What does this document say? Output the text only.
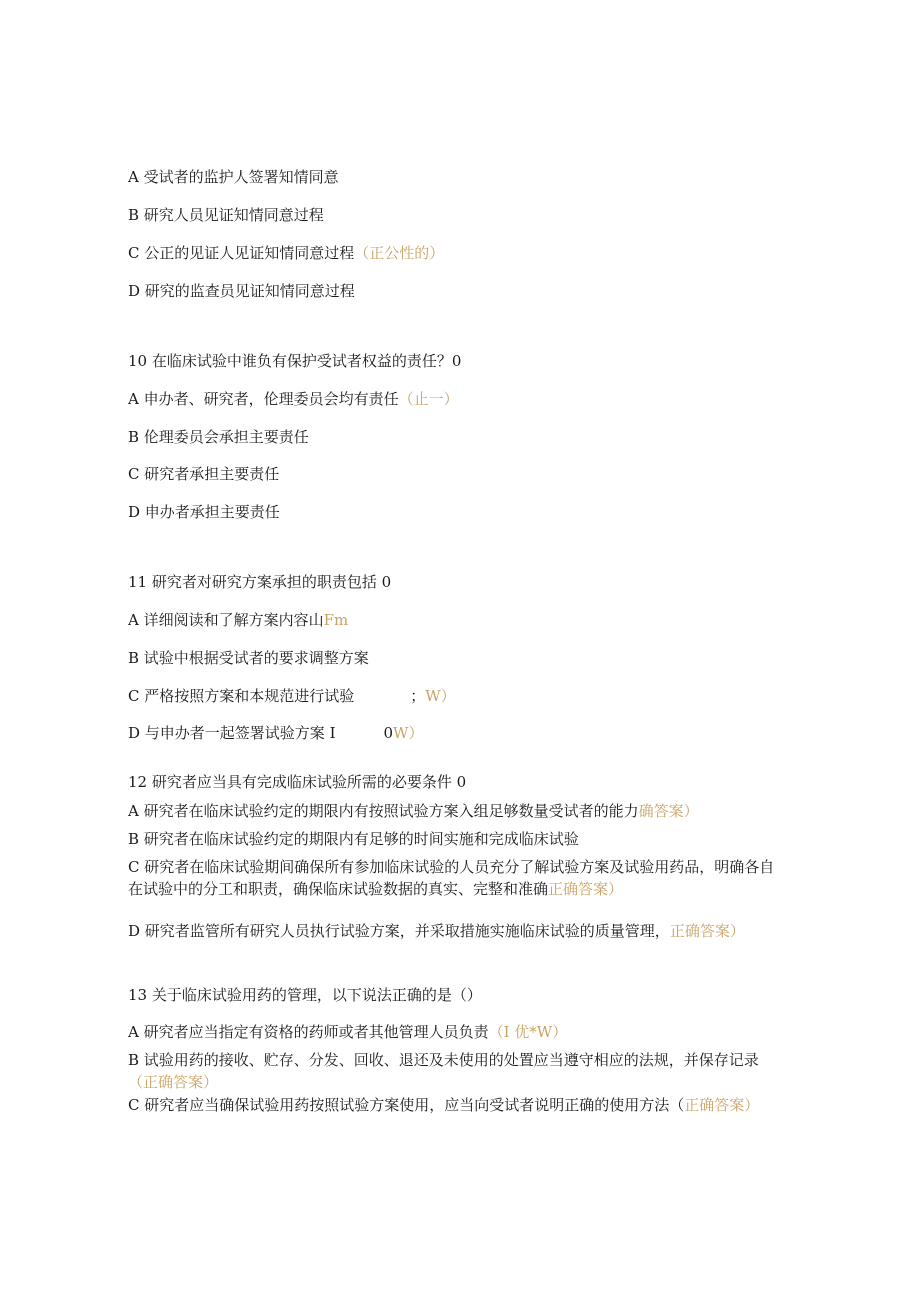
A 受试者的监护人签署知情同意
B 研究人员见证知情同意过程
C 公正的见证人见证知情同意过程（正公性的）
D 研究的监查员见证知情同意过程
10 在临床试验中谁负有保护受试者权益的责任？0
A 申办者、研究者，伦理委员会均有责任（止一）
B 伦理委员会承担主要责任
C 研究者承担主要责任
D 申办者承担主要责任
11 研究者对研究方案承担的职责包括 0
A 详细阅读和了解方案内容山Fm
B 试验中根据受试者的要求调整方案
C 严格按照方案和本规范进行试验	；W）
D 与申办者一起签署试验方案 I	0W）
12 研究者应当具有完成临床试验所需的必要条件 0
A 研究者在临床试验约定的期限内有按照试验方案入组足够数量受试者的能力确答案）
B 研究者在临床试验约定的期限内有足够的时间实施和完成临床试验
C 研究者在临床试验期间确保所有参加临床试验的人员充分了解试验方案及试验用药品，明确各自在试验中的分工和职责，确保临床试验数据的真实、完整和准确正确答案）
D 研究者监管所有研究人员执行试验方案，并采取措施实施临床试验的质量管理，正确答案）
13 关于临床试验用药的管理，以下说法正确的是（）
A 研究者应当指定有资格的药师或者其他管理人员负责（I 优*W）
B 试验用药的接收、贮存、分发、回收、退还及未使用的处置应当遵守相应的法规，并保存记录（正确答案）
C 研究者应当确保试验用药按照试验方案使用，应当向受试者说明正确的使用方法（正确答案）
